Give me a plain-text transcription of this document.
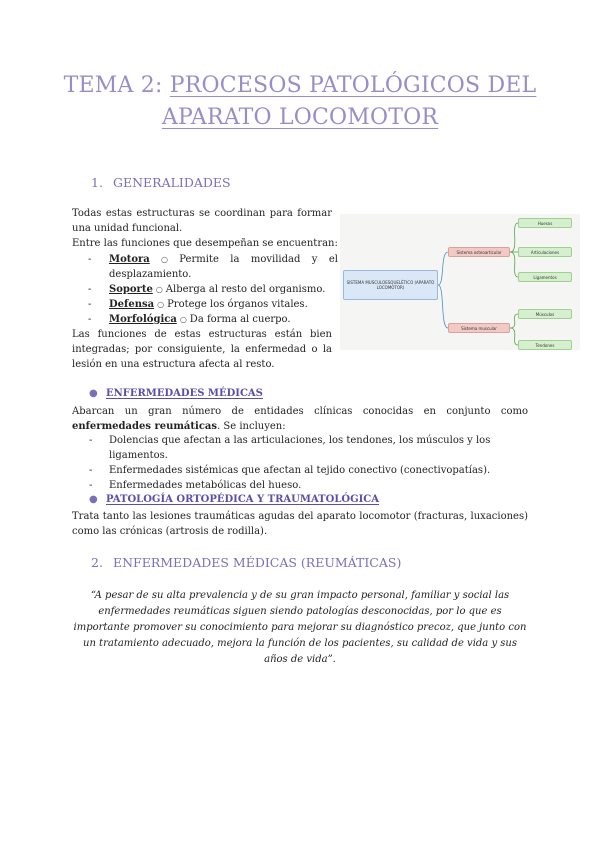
TEMA 2: PROCESOS PATOLÓGICOS DEL
APARATO LOCOMOTOR
1. GENERALIDADES
Todas estas estructuras se coordinan para formar una unidad funcional.
Entre las funciones que desempeñan se encuentran:
- Motora ○ Permite la movilidad y el desplazamiento.
- Soporte ○ Alberga al resto del organismo.
- Defensa ○ Protege los órganos vitales.
- Morfológica ○ Da forma al cuerpo.
Las funciones de estas estructuras están bien integradas; por consiguiente, la enfermedad o la lesión en una estructura afecta al resto.
SISTEMA MUSCULOESQUELÉTICO (APARATO LOCOMOTOR)
Sistema osteoarticular
Sistema muscular
Huesos
Articulaciones
Ligamentos
Músculos
Tendones
● ENFERMEDADES MÉDICAS
Abarcan un gran número de entidades clínicas conocidas en conjunto como enfermedades reumáticas. Se incluyen:
- Dolencias que afectan a las articulaciones, los tendones, los músculos y los ligamentos.
- Enfermedades sistémicas que afectan al tejido conectivo (conectivopatías).
- Enfermedades metabólicas del hueso.
● PATOLOGÍA ORTOPÉDICA Y TRAUMATOLÓGICA
Trata tanto las lesiones traumáticas agudas del aparato locomotor (fracturas, luxaciones) como las crónicas (artrosis de rodilla).
2. ENFERMEDADES MÉDICAS (REUMÁTICAS)
“A pesar de su alta prevalencia y de su gran impacto personal, familiar y social las enfermedades reumáticas siguen siendo patologías desconocidas, por lo que es importante promover su conocimiento para mejorar su diagnóstico precoz, que junto con un tratamiento adecuado, mejora la función de los pacientes, su calidad de vida y sus años de vida”.
